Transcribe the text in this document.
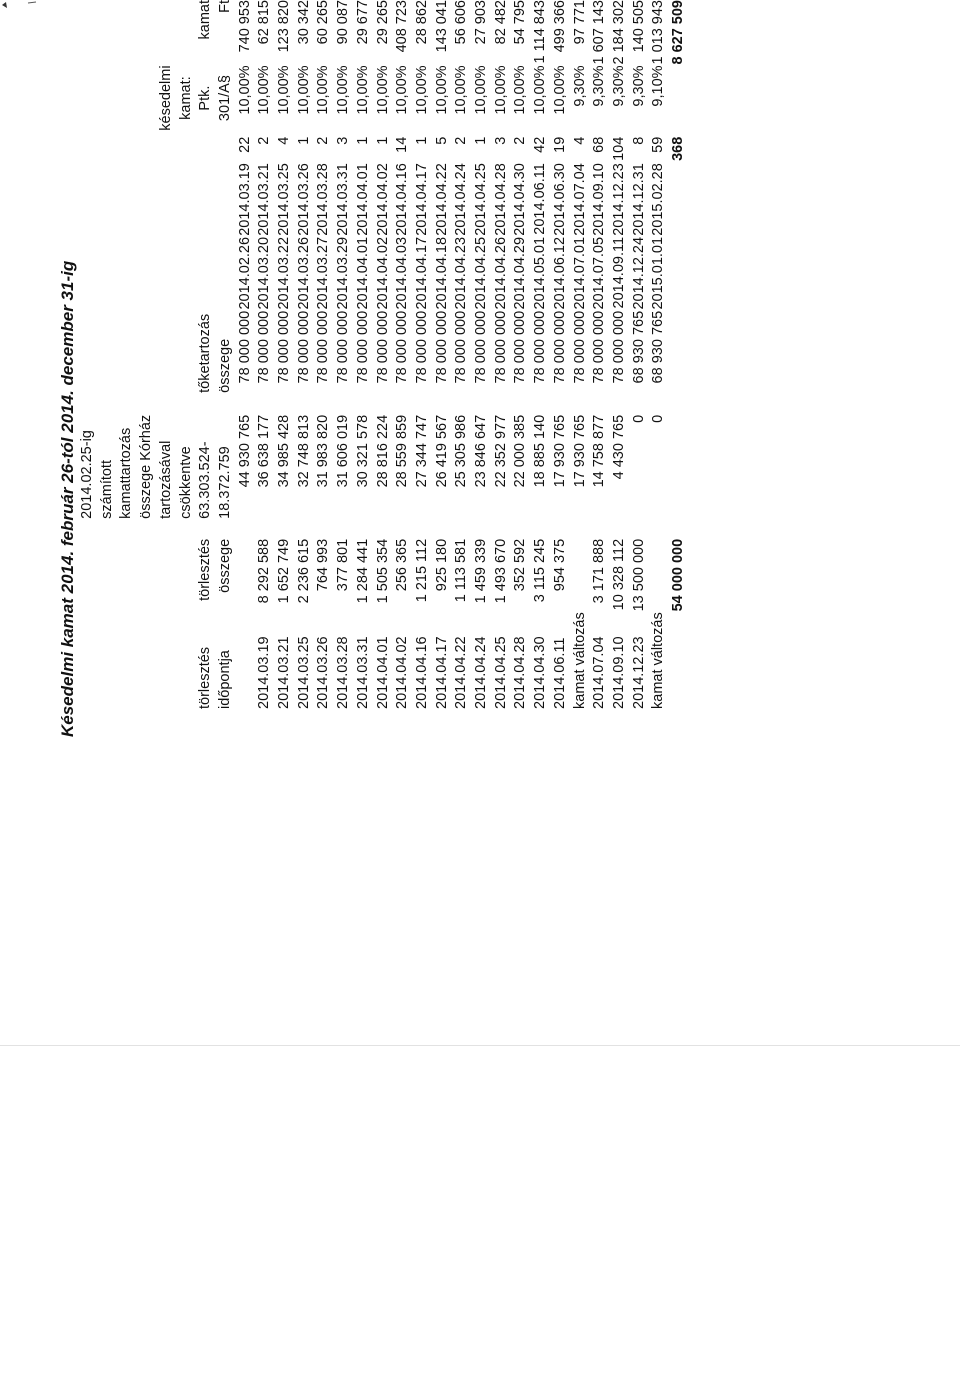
Késedelmi kamat 2014. február 26-tól 2014. december 31-ig
		2014.02.25-ig						
		számított						
		kamattartozás						
		összege Kórház						
		tartozásával					késedelmi	
		csökkentve					kamat:	
törlesztés	törlesztés	63.303.524-	tőketartozás				Ptk.	kamat
időpontja	összege	18.372.759	összege				301/A§	Ft
		44 930 765	78 000 000	2014.02.26	2014.03.19	22	10,00%	740 953
2014.03.19	8 292 588	36 638 177	78 000 000	2014.03.20	2014.03.21	2	10,00%	62 815
2014.03.21	1 652 749	34 985 428	78 000 000	2014.03.22	2014.03.25	4	10,00%	123 820
2014.03.25	2 236 615	32 748 813	78 000 000	2014.03.26	2014.03.26	1	10,00%	30 342
2014.03.26	764 993	31 983 820	78 000 000	2014.03.27	2014.03.28	2	10,00%	60 265
2014.03.28	377 801	31 606 019	78 000 000	2014.03.29	2014.03.31	3	10,00%	90 087
2014.03.31	1 284 441	30 321 578	78 000 000	2014.04.01	2014.04.01	1	10,00%	29 677
2014.04.01	1 505 354	28 816 224	78 000 000	2014.04.02	2014.04.02	1	10,00%	29 265
2014.04.02	256 365	28 559 859	78 000 000	2014.04.03	2014.04.16	14	10,00%	408 723
2014.04.16	1 215 112	27 344 747	78 000 000	2014.04.17	2014.04.17	1	10,00%	28 862
2014.04.17	925 180	26 419 567	78 000 000	2014.04.18	2014.04.22	5	10,00%	143 041
2014.04.22	1 113 581	25 305 986	78 000 000	2014.04.23	2014.04.24	2	10,00%	56 606
2014.04.24	1 459 339	23 846 647	78 000 000	2014.04.25	2014.04.25	1	10,00%	27 903
2014.04.25	1 493 670	22 352 977	78 000 000	2014.04.26	2014.04.28	3	10,00%	82 482
2014.04.28	352 592	22 000 385	78 000 000	2014.04.29	2014.04.30	2	10,00%	54 795
2014.04.30	3 115 245	18 885 140	78 000 000	2014.05.01	2014.06.11	42	10,00%	1 114 843
2014.06.11	954 375	17 930 765	78 000 000	2014.06.12	2014.06.30	19	10,00%	499 366
kamat változás		17 930 765	78 000 000	2014.07.01	2014.07.04	4	9,30%	97 771
2014.07.04	3 171 888	14 758 877	78 000 000	2014.07.05	2014.09.10	68	9,30%	1 607 143
2014.09.10	10 328 112	4 430 765	78 000 000	2014.09.11	2014.12.23	104	9,30%	2 184 302
2014.12.23	13 500 000	0	68 930 765	2014.12.24	2014.12.31	8	9,30%	140 505
kamat változás		0	68 930 765	2015.01.01	2015.02.28	59	9,10%	1 013 943
	54 000 000					368		8 627 509
